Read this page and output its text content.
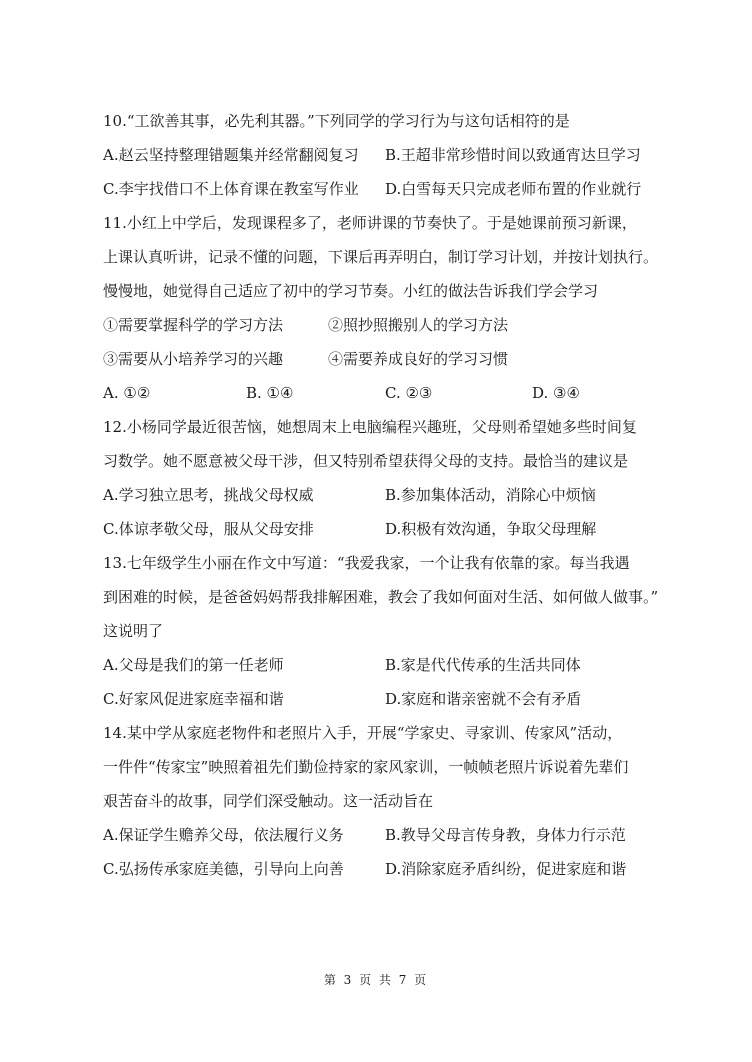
10.“工欲善其事，必先利其器。”下列同学的学习行为与这句话相符的是
A.赵云坚持整理错题集并经常翻阅复习	B.王超非常珍惜时间以致通宵达旦学习
C.李宇找借口不上体育课在教室写作业	D.白雪每天只完成老师布置的作业就行
11.小红上中学后，发现课程多了，老师讲课的节奏快了。于是她课前预习新课，
上课认真听讲，记录不懂的问题，下课后再弄明白，制订学习计划，并按计划执行。
慢慢地，她觉得自己适应了初中的学习节奏。小红的做法告诉我们学会学习
①需要掌握科学的学习方法	②照抄照搬别人的学习方法
③需要从小培养学习的兴趣	④需要养成良好的学习习惯
A. ①②	B. ①④	C. ②③	D. ③④
12.小杨同学最近很苦恼，她想周末上电脑编程兴趣班，父母则希望她多些时间复
习数学。她不愿意被父母干涉，但又特别希望获得父母的支持。最恰当的建议是
A.学习独立思考，挑战父母权威	B.参加集体活动，消除心中烦恼
C.体谅孝敬父母，服从父母安排	D.积极有效沟通，争取父母理解
13.七年级学生小丽在作文中写道：“我爱我家，一个让我有依靠的家。每当我遇
到困难的时候，是爸爸妈妈帮我排解困难，教会了我如何面对生活、如何做人做事。”
这说明了
A.父母是我们的第一任老师	B.家是代代传承的生活共同体
C.好家风促进家庭幸福和谐	D.家庭和谐亲密就不会有矛盾
14.某中学从家庭老物件和老照片入手，开展“学家史、寻家训、传家风”活动，
一件件“传家宝”映照着祖先们勤俭持家的家风家训，一帧帧老照片诉说着先辈们
艰苦奋斗的故事，同学们深受触动。这一活动旨在
A.保证学生赡养父母，依法履行义务	B.教导父母言传身教，身体力行示范
C.弘扬传承家庭美德，引导向上向善	D.消除家庭矛盾纠纷，促进家庭和谐
第 3 页 共 7 页
